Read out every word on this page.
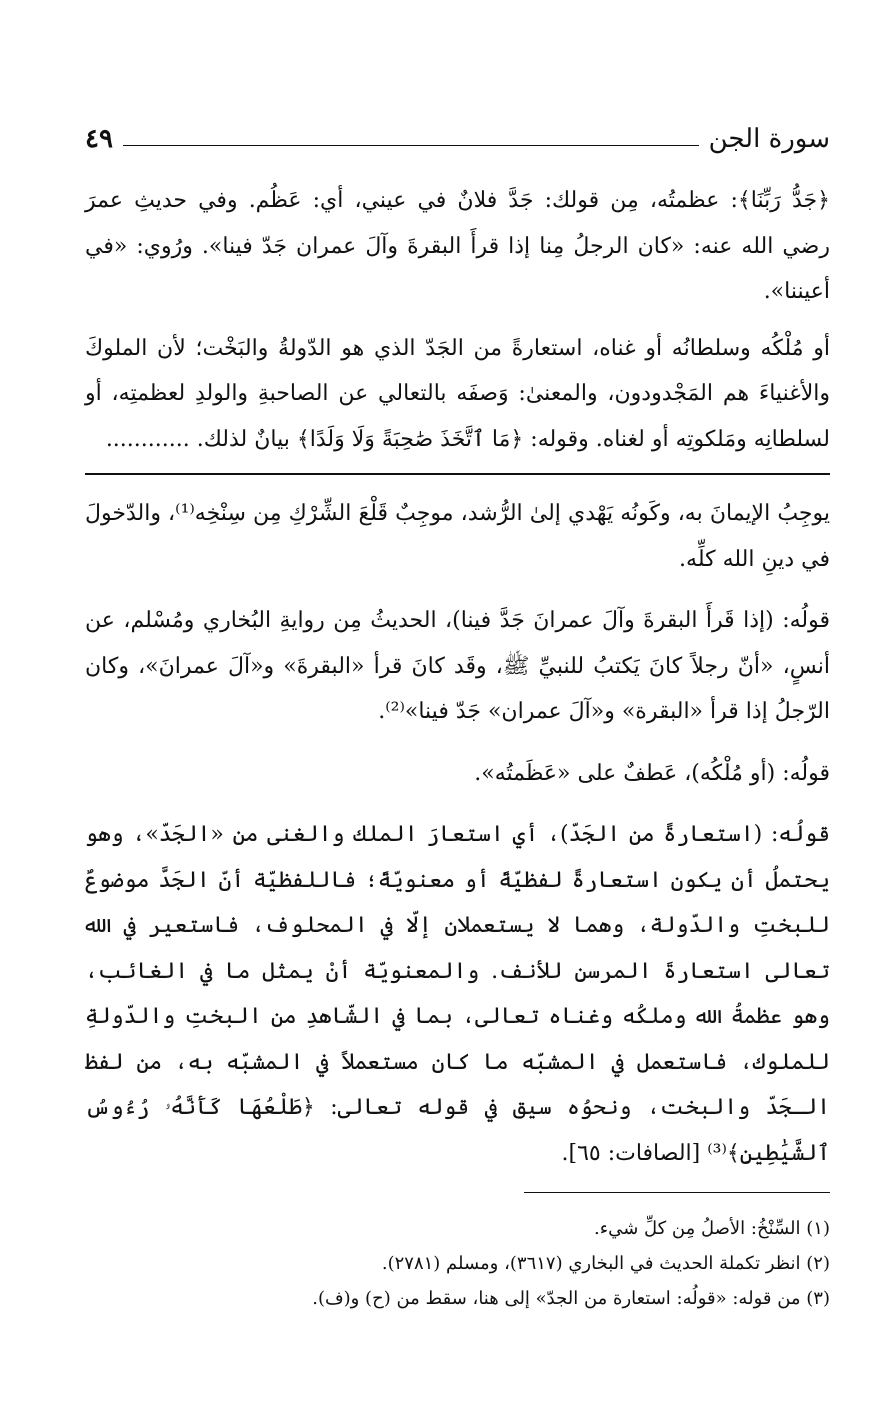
سورة الجن
٤٩

﴿جَدُّ رَبِّنَا﴾: عظمتُه، مِن قولك: جَدَّ فلانٌ في عيني، أي: عَظُم. وفي حديثِ عمرَ رضي الله عنه: «كان الرجلُ مِنا إذا قرأَ البقرةَ وآلَ عمران جَدّ فينا». ورُوي: «في أعيننا».

أو مُلْكُه وسلطانُه أو غناه، استعارةً من الجَدّ الذي هو الدّولةُ والبَخْت؛ لأن الملوكَ والأغنياءَ هم المَجْدودون، والمعنىٰ: وَصفَه بالتعالي عن الصاحبةِ والولدِ لعظمتِه، أو لسلطانِه ومَلكوتِه أو لغناه. وقوله: ﴿مَا ٱتَّخَذَ صَٰحِبَةً وَلَا وَلَدًا﴾ بيانٌ لذلك. ............

يوجِبُ الإيمانَ به، وكَونُه يَهْدي إلىٰ الرُّشد، موجِبٌ قَلْعَ الشِّرْكِ مِن سِنْخِه⁽¹⁾، والدّخولَ في دينِ الله كلِّه.

قولُه: (إذا قَرأَ البقرةَ وآلَ عمرانَ جَدَّ فينا)، الحديثُ مِن روايةِ البُخاري ومُسْلم، عن أنسٍ، «أنّ رجلاً كانَ يَكتبُ للنبيِّ ﷺ، وقَد كانَ قرأ «البقرةَ» و«آلَ عمرانَ»، وكان الرّجلُ إذا قرأ «البقرة» و«آلَ عمران» جَدّ فينا»⁽²⁾.

قولُه: (أو مُلْكُه)، عَطفٌ على «عَظَمتُه».

قولُه: (استعارةً من الجَدّ)، أي استعارَ الملك والغنى من «الجَدّ»، وهو يحتملُ أن يكون استعارةً لفظيّةً أو معنويّةً؛ فاللفظيّة أنّ الجَدَّ موضوعٌ للبختِ والدّولة، وهما لا يستعملان إلّا في المحلوف، فاستعير في الله تعالى استعارةَ المرسنِ للأنف. والمعنويّة أنْ يمثل ما في الغائب، وهو عظمةُ الله وملكُه وغناه تعالى، بما في الشّاهدِ من البختِ والدّولةِ للملوك، فاستعمل في المشبّه ما كان مستعملاً في المشبّه به، من لفظ الـجَدّ والبخت، ونحوُه سيق في قوله تعالى: ﴿طَلْعُهَا كَأَنَّهُۥ رُءُوسُ ٱلشَّيَٰطِينِ﴾⁽³⁾ [الصافات: ٦٥].

(١) السِّنْخُ: الأصلُ مِن كلِّ شيء.
(٢) انظر تكملة الحديث في البخاري (٣٦١٧)، ومسلم (٢٧٨١).
(٣) من قوله: «قولُه: استعارة من الجدّ» إلى هنا، سقط من (ح) و(ف).
